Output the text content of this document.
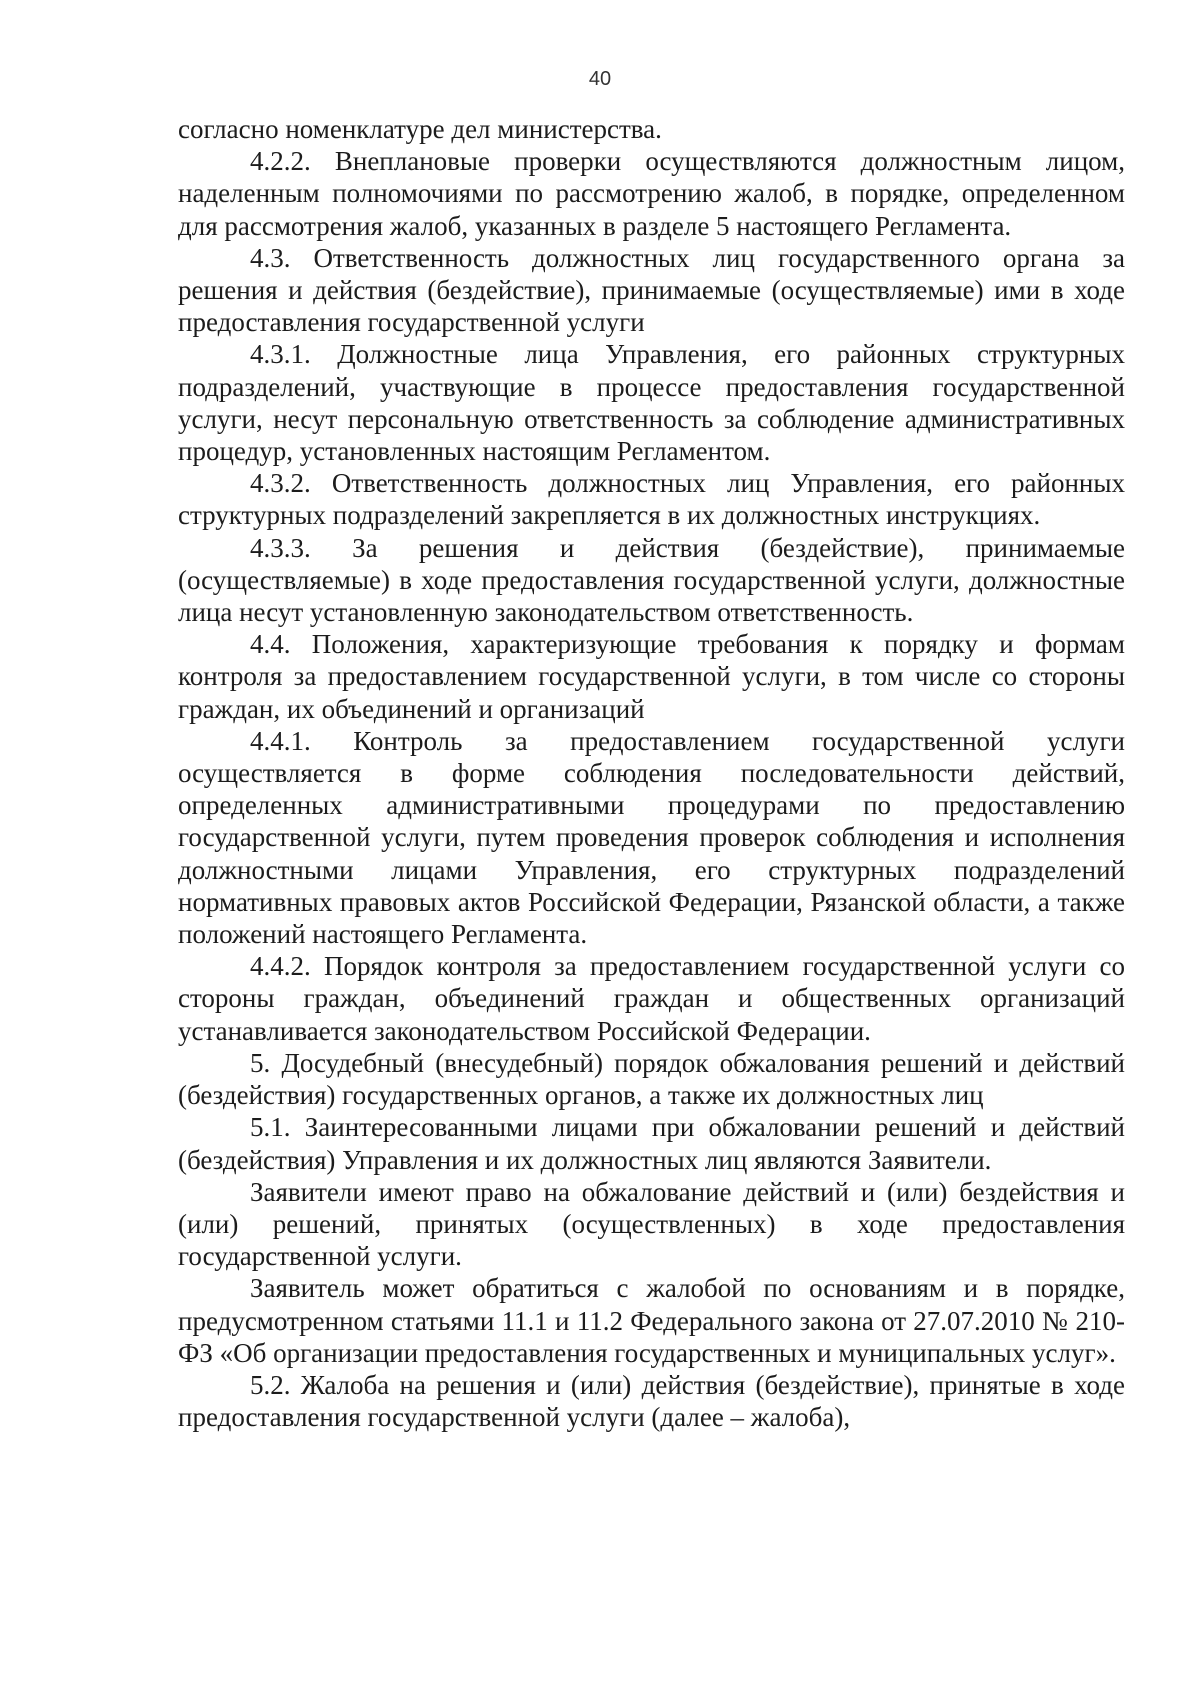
40

согласно номенклатуре дел министерства.

4.2.2. Внеплановые проверки осуществляются должностным лицом, наделенным полномочиями по рассмотрению жалоб, в порядке, определенном для рассмотрения жалоб, указанных в разделе 5 настоящего Регламента.

4.3. Ответственность должностных лиц государственного органа за решения и действия (бездействие), принимаемые (осуществляемые) ими в ходе предоставления государственной услуги

4.3.1. Должностные лица Управления, его районных структурных подразделений, участвующие в процессе предоставления государственной услуги, несут персональную ответственность за соблюдение административных процедур, установленных настоящим Регламентом.

4.3.2. Ответственность должностных лиц Управления, его районных структурных подразделений закрепляется в их должностных инструкциях.

4.3.3. За решения и действия (бездействие), принимаемые (осуществляемые) в ходе предоставления государственной услуги, должностные лица несут установленную законодательством ответственность.

4.4. Положения, характеризующие требования к порядку и формам контроля за предоставлением государственной услуги, в том числе со стороны граждан, их объединений и организаций

4.4.1. Контроль за предоставлением государственной услуги осуществляется в форме соблюдения последовательности действий, определенных административными процедурами по предоставлению государственной услуги, путем проведения проверок соблюдения и исполнения должностными лицами Управления, его структурных подразделений нормативных правовых актов Российской Федерации, Рязанской области, а также положений настоящего Регламента.

4.4.2. Порядок контроля за предоставлением государственной услуги со стороны граждан, объединений граждан и общественных организаций устанавливается законодательством Российской Федерации.

5. Досудебный (внесудебный) порядок обжалования решений и действий (бездействия) государственных органов, а также их должностных лиц

5.1. Заинтересованными лицами при обжаловании решений и действий (бездействия) Управления и их должностных лиц являются Заявители.

Заявители имеют право на обжалование действий и (или) бездействия и (или) решений, принятых (осуществленных) в ходе предоставления государственной услуги.

Заявитель может обратиться с жалобой по основаниям и в порядке, предусмотренном статьями 11.1 и 11.2 Федерального закона от 27.07.2010 № 210-ФЗ «Об организации предоставления государственных и муниципальных услуг».

5.2. Жалоба на решения и (или) действия (бездействие), принятые в ходе предоставления государственной услуги (далее – жалоба),
